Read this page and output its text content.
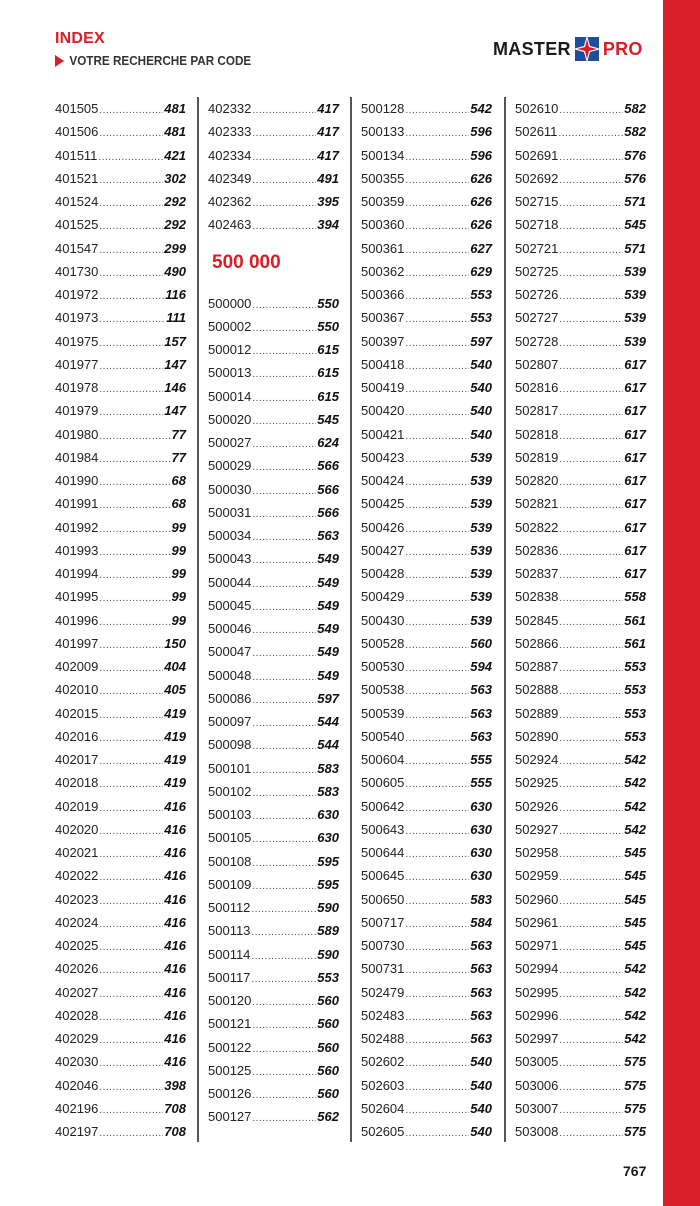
INDEX
VOTRE RECHERCHE PAR CODE
MASTER PRO
401505 .....	481
401506 .....	481
401511 .....	421
401521 .....	302
401524 .....	292
401525 .....	292
401547 .....	299
401730 .....	490
401972 .....	116
401973 .....	111
401975 .....	157
401977 .....	147
401978 .....	146
401979 .....	147
401980 .....	77
401984 .....	77
401990 .....	68
401991 .....	68
401992 .....	99
401993 .....	99
401994 .....	99
401995 .....	99
401996 .....	99
401997 .....	150
402009 .....	404
402010 .....	405
402015 .....	419
402016 .....	419
402017 .....	419
402018 .....	419
402019 .....	416
402020 .....	416
402021 .....	416
402022 .....	416
402023 .....	416
402024 .....	416
402025 .....	416
402026 .....	416
402027 .....	416
402028 .....	416
402029 .....	416
402030 .....	416
402046 .....	398
402196 .....	708
402197 .....	708
402332 .....	417
402333 .....	417
402334 .....	417
402349 .....	491
402362 .....	395
402463 .....	394
500 000
500000 .....	550
500002 .....	550
500012 .....	615
500013 .....	615
500014 .....	615
500020 .....	545
500027 .....	624
500029 .....	566
500030 .....	566
500031 .....	566
500034 .....	563
500043 .....	549
500044 .....	549
500045 .....	549
500046 .....	549
500047 .....	549
500048 .....	549
500086 .....	597
500097 .....	544
500098 .....	544
500101 .....	583
500102 .....	583
500103 .....	630
500105 .....	630
500108 .....	595
500109 .....	595
500112 .....	590
500113 .....	589
500114 .....	590
500117 .....	553
500120 .....	560
500121 .....	560
500122 .....	560
500125 .....	560
500126 .....	560
500127 .....	562
500128 .....	542
500133 .....	596
500134 .....	596
500355 .....	626
500359 .....	626
500360 .....	626
500361 .....	627
500362 .....	629
500366 .....	553
500367 .....	553
500397 .....	597
500418 .....	540
500419 .....	540
500420 .....	540
500421 .....	540
500423 .....	539
500424 .....	539
500425 .....	539
500426 .....	539
500427 .....	539
500428 .....	539
500429 .....	539
500430 .....	539
500528 .....	560
500530 .....	594
500538 .....	563
500539 .....	563
500540 .....	563
500604 .....	555
500605 .....	555
500642 .....	630
500643 .....	630
500644 .....	630
500645 .....	630
500650 .....	583
500717 .....	584
500730 .....	563
500731 .....	563
502479 .....	563
502483 .....	563
502488 .....	563
502602 .....	540
502603 .....	540
502604 .....	540
502605 .....	540
502610 .....	582
502611 .....	582
502691 .....	576
502692 .....	576
502715 .....	571
502718 .....	545
502721 .....	571
502725 .....	539
502726 .....	539
502727 .....	539
502728 .....	539
502807 .....	617
502816 .....	617
502817 .....	617
502818 .....	617
502819 .....	617
502820 .....	617
502821 .....	617
502822 .....	617
502836 .....	617
502837 .....	617
502838 .....	558
502845 .....	561
502866 .....	561
502887 .....	553
502888 .....	553
502889 .....	553
502890 .....	553
502924 .....	542
502925 .....	542
502926 .....	542
502927 .....	542
502958 .....	545
502959 .....	545
502960 .....	545
502961 .....	545
502971 .....	545
502994 .....	542
502995 .....	542
502996 .....	542
502997 .....	542
503005 .....	575
503006 .....	575
503007 .....	575
503008 .....	575
767
